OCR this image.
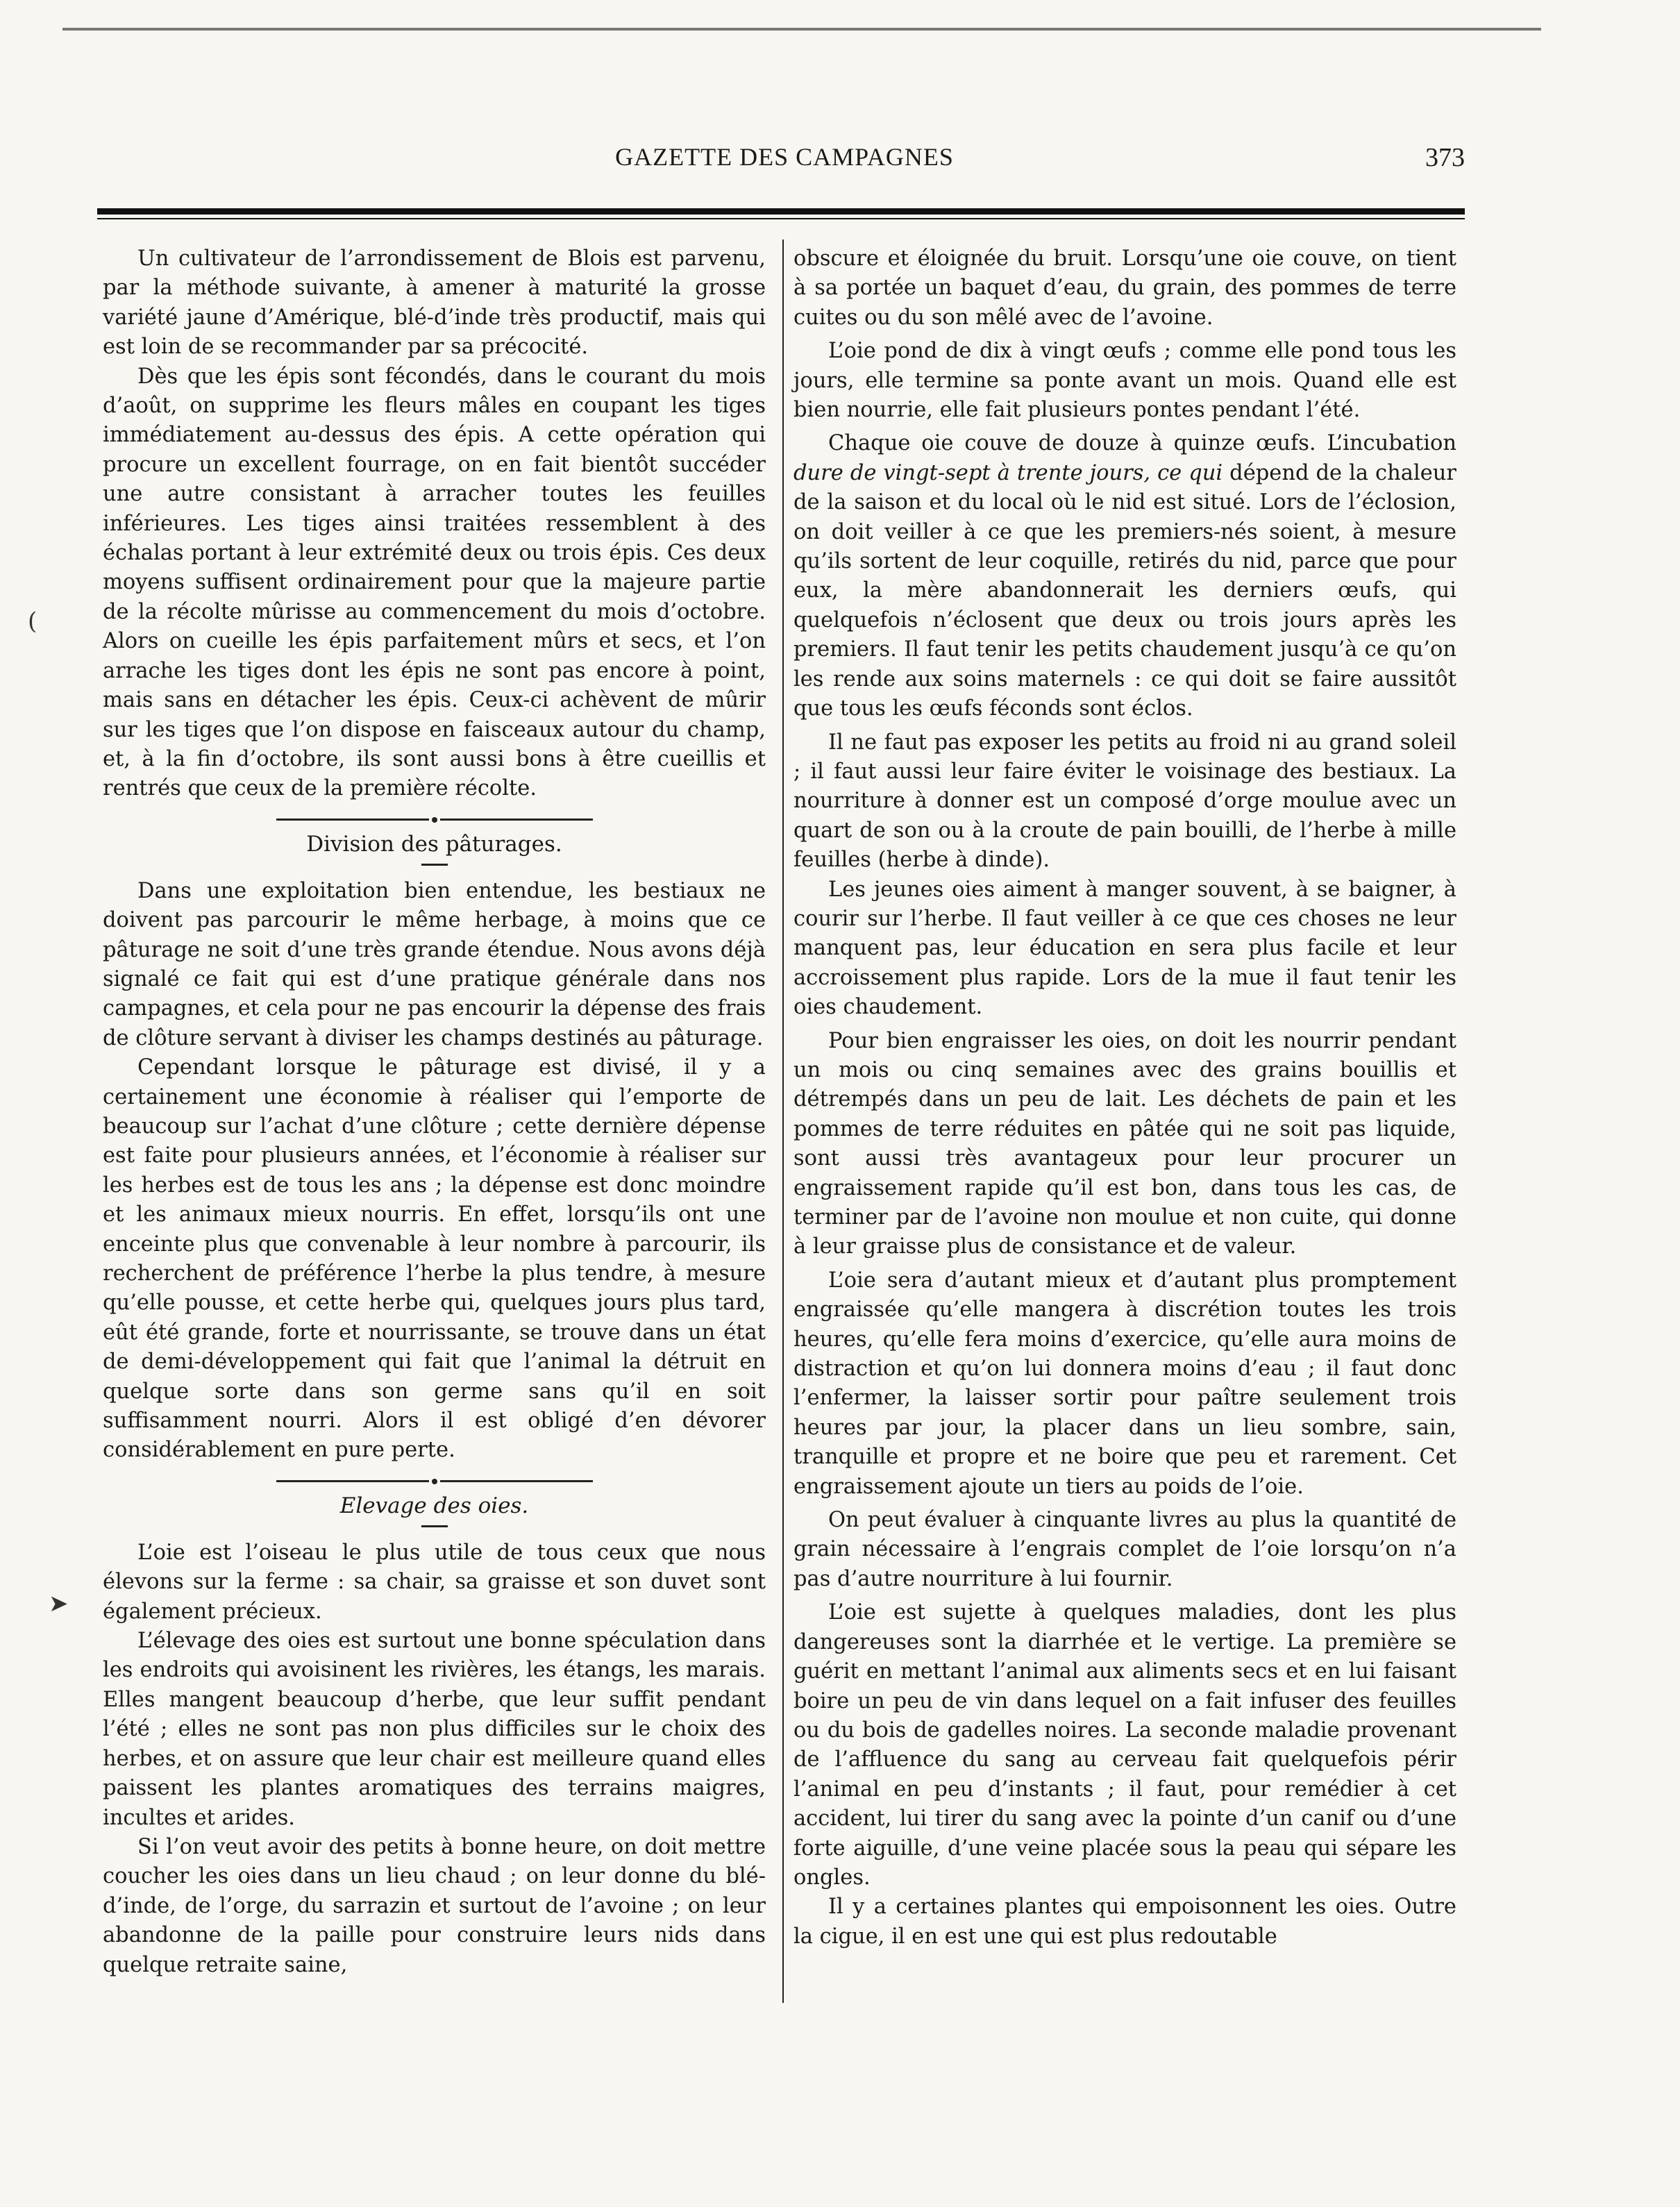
GAZETTE DES CAMPAGNES	373

Un cultivateur de l’arrondissement de Blois est parvenu, par la méthode suivante, à amener à maturité la grosse variété jaune d’Amérique, blé-d’inde très productif, mais qui est loin de se recommander par sa précocité.

Dès que les épis sont fécondés, dans le courant du mois d’août, on supprime les fleurs mâles en coupant les tiges immédiatement au-dessus des épis. A cette opération qui procure un excellent fourrage, on en fait bientôt succéder une autre consistant à arracher toutes les feuilles inférieures. Les tiges ainsi traitées ressemblent à des échalas portant à leur extrémité deux ou trois épis. Ces deux moyens suffisent ordinairement pour que la majeure partie de la récolte mûrisse au commencement du mois d’octobre. Alors on cueille les épis parfaitement mûrs et secs, et l’on arrache les tiges dont les épis ne sont pas encore à point, mais sans en détacher les épis. Ceux-ci achèvent de mûrir sur les tiges que l’on dispose en faisceaux autour du champ, et, à la fin d’octobre, ils sont aussi bons à être cueillis et rentrés que ceux de la première récolte.

Division des pâturages.

Dans une exploitation bien entendue, les bestiaux ne doivent pas parcourir le même herbage, à moins que ce pâturage ne soit d’une très grande étendue. Nous avons déjà signalé ce fait qui est d’une pratique générale dans nos campagnes, et cela pour ne pas encourir la dépense des frais de clôture servant à diviser les champs destinés au pâturage.

Cependant lorsque le pâturage est divisé, il y a certainement une économie à réaliser qui l’emporte de beaucoup sur l’achat d’une clôture ; cette dernière dépense est faite pour plusieurs années, et l’économie à réaliser sur les herbes est de tous les ans ; la dépense est donc moindre et les animaux mieux nourris. En effet, lorsqu’ils ont une enceinte plus que convenable à leur nombre à parcourir, ils recherchent de préférence l’herbe la plus tendre, à mesure qu’elle pousse, et cette herbe qui, quelques jours plus tard, eût été grande, forte et nourrissante, se trouve dans un état de demi-développement qui fait que l’animal la détruit en quelque sorte dans son germe sans qu’il en soit suffisamment nourri. Alors il est obligé d’en dévorer considérablement en pure perte.

Elevage des oies.

L’oie est l’oiseau le plus utile de tous ceux que nous élevons sur la ferme : sa chair, sa graisse et son duvet sont également précieux.

L’élevage des oies est surtout une bonne spéculation dans les endroits qui avoisinent les rivières, les étangs, les marais. Elles mangent beaucoup d’herbe, que leur suffit pendant l’été ; elles ne sont pas non plus difficiles sur le choix des herbes, et on assure que leur chair est meilleure quand elles paissent les plantes aromatiques des terrains maigres, incultes et arides.

Si l’on veut avoir des petits à bonne heure, on doit mettre coucher les oies dans un lieu chaud ; on leur donne du blé-d’inde, de l’orge, du sarrazin et surtout de l’avoine ; on leur abandonne de la paille pour construire leurs nids dans quelque retraite saine,

obscure et éloignée du bruit. Lorsqu’une oie couve, on tient à sa portée un baquet d’eau, du grain, des pommes de terre cuites ou du son mêlé avec de l’avoine.

L’oie pond de dix à vingt œufs ; comme elle pond tous les jours, elle termine sa ponte avant un mois. Quand elle est bien nourrie, elle fait plusieurs pontes pendant l’été.

Chaque oie couve de douze à quinze œufs. L’incubation dure de vingt-sept à trente jours, ce qui dépend de la chaleur de la saison et du local où le nid est situé. Lors de l’éclosion, on doit veiller à ce que les premiers-nés soient, à mesure qu’ils sortent de leur coquille, retirés du nid, parce que pour eux, la mère abandonnerait les derniers œufs, qui quelquefois n’éclosent que deux ou trois jours après les premiers. Il faut tenir les petits chaudement jusqu’à ce qu’on les rende aux soins maternels : ce qui doit se faire aussitôt que tous les œufs féconds sont éclos.

Il ne faut pas exposer les petits au froid ni au grand soleil ; il faut aussi leur faire éviter le voisinage des bestiaux. La nourriture à donner est un composé d’orge moulue avec un quart de son ou à la croute de pain bouilli, de l’herbe à mille feuilles (herbe à dinde).

Les jeunes oies aiment à manger souvent, à se baigner, à courir sur l’herbe. Il faut veiller à ce que ces choses ne leur manquent pas, leur éducation en sera plus facile et leur accroissement plus rapide. Lors de la mue il faut tenir les oies chaudement.

Pour bien engraisser les oies, on doit les nourrir pendant un mois ou cinq semaines avec des grains bouillis et détrempés dans un peu de lait. Les déchets de pain et les pommes de terre réduites en pâtée qui ne soit pas liquide, sont aussi très avantageux pour leur procurer un engraissement rapide qu’il est bon, dans tous les cas, de terminer par de l’avoine non moulue et non cuite, qui donne à leur graisse plus de consistance et de valeur.

L’oie sera d’autant mieux et d’autant plus promptement engraissée qu’elle mangera à discrétion toutes les trois heures, qu’elle fera moins d’exercice, qu’elle aura moins de distraction et qu’on lui donnera moins d’eau ; il faut donc l’enfermer, la laisser sortir pour paître seulement trois heures par jour, la placer dans un lieu sombre, sain, tranquille et propre et ne boire que peu et rarement. Cet engraissement ajoute un tiers au poids de l’oie.

On peut évaluer à cinquante livres au plus la quantité de grain nécessaire à l’engrais complet de l’oie lorsqu’on n’a pas d’autre nourriture à lui fournir.

L’oie est sujette à quelques maladies, dont les plus dangereuses sont la diarrhée et le vertige. La première se guérit en mettant l’animal aux aliments secs et en lui faisant boire un peu de vin dans lequel on a fait infuser des feuilles ou du bois de gadelles noires. La seconde maladie provenant de l’affluence du sang au cerveau fait quelquefois périr l’animal en peu d’instants ; il faut, pour remédier à cet accident, lui tirer du sang avec la pointe d’un canif ou d’une forte aiguille, d’une veine placée sous la peau qui sépare les ongles.

Il y a certaines plantes qui empoisonnent les oies. Outre la cigue, il en est une qui est plus redoutable

(
➤
